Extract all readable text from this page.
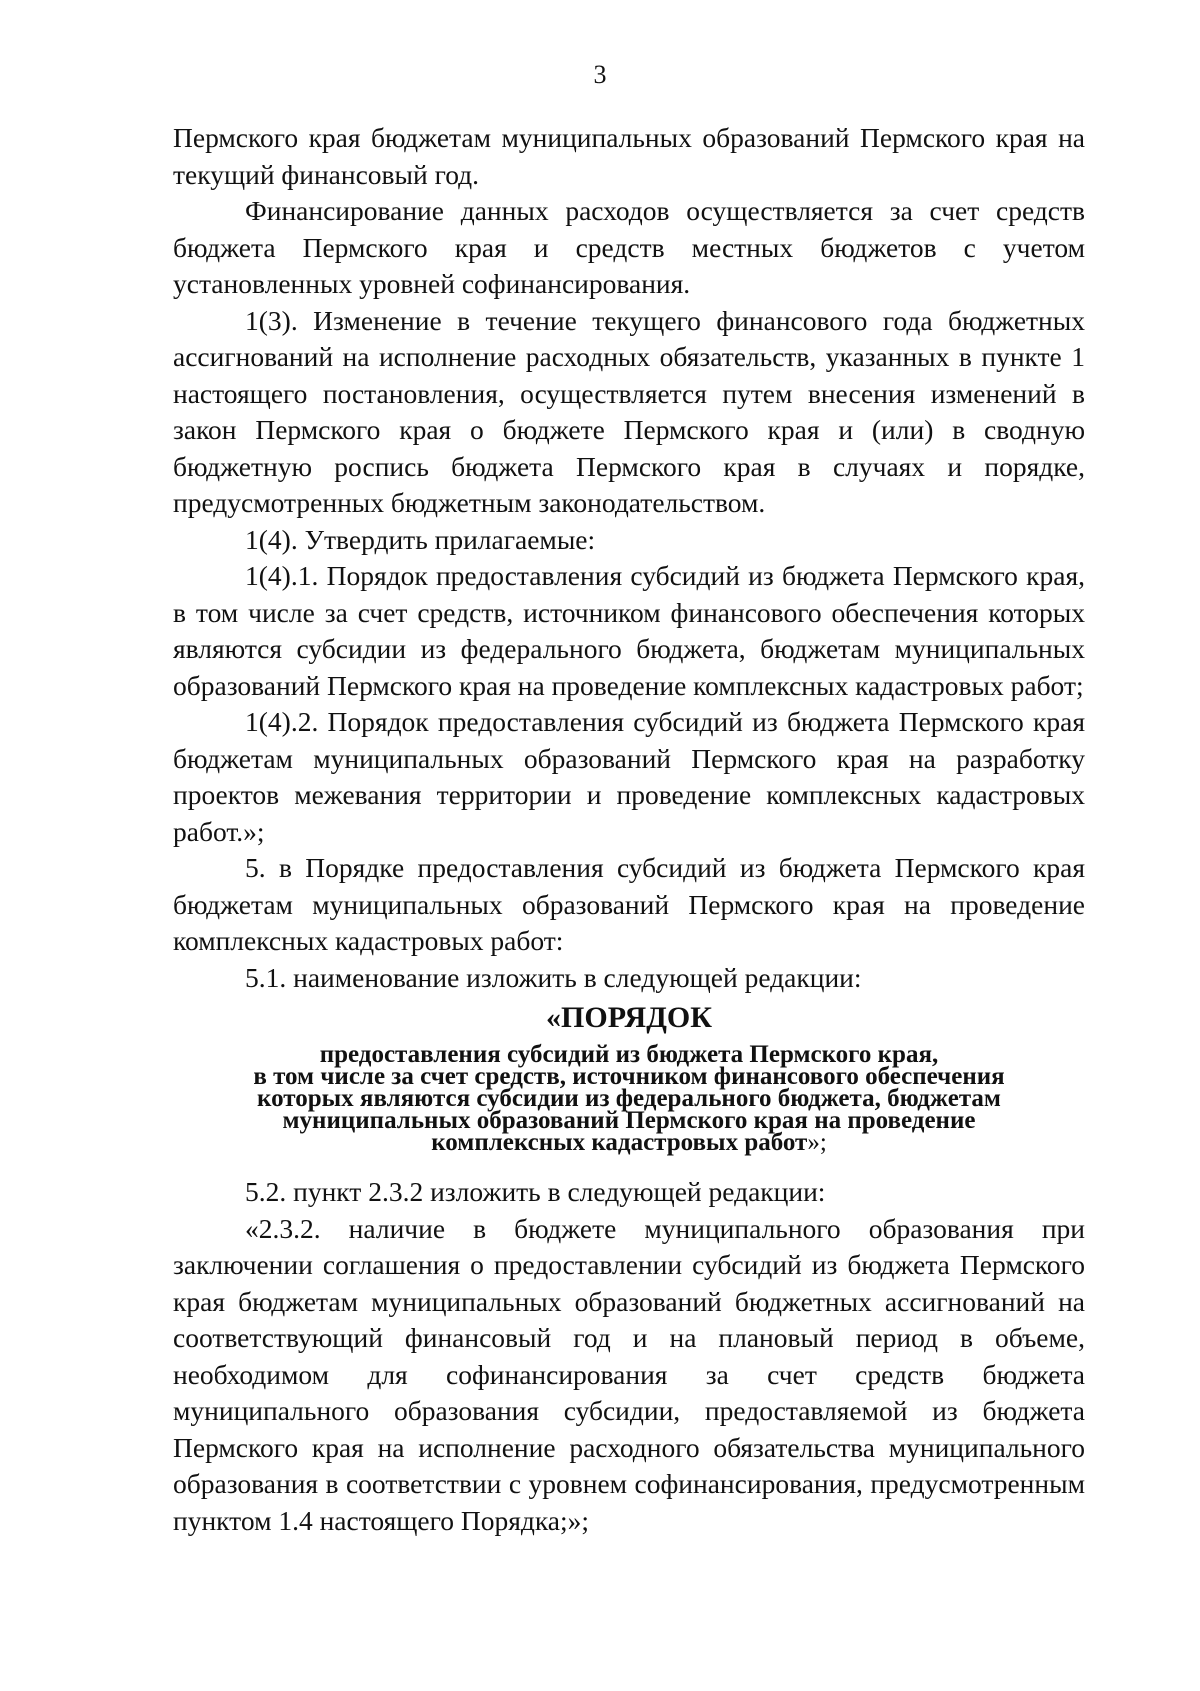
3

Пермского края бюджетам муниципальных образований Пермского края на текущий финансовый год.

Финансирование данных расходов осуществляется за счет средств бюджета Пермского края и средств местных бюджетов с учетом установленных уровней софинансирования.

1(3). Изменение в течение текущего финансового года бюджетных ассигнований на исполнение расходных обязательств, указанных в пункте 1 настоящего постановления, осуществляется путем внесения изменений в закон Пермского края о бюджете Пермского края и (или) в сводную бюджетную роспись бюджета Пермского края в случаях и порядке, предусмотренных бюджетным законодательством.

1(4). Утвердить прилагаемые:

1(4).1. Порядок предоставления субсидий из бюджета Пермского края, в том числе за счет средств, источником финансового обеспечения которых являются субсидии из федерального бюджета, бюджетам муниципальных образований Пермского края на проведение комплексных кадастровых работ;

1(4).2. Порядок предоставления субсидий из бюджета Пермского края бюджетам муниципальных образований Пермского края на разработку проектов межевания территории и проведение комплексных кадастровых работ.»;

5. в Порядке предоставления субсидий из бюджета Пермского края бюджетам муниципальных образований Пермского края на проведение комплексных кадастровых работ:

5.1. наименование изложить в следующей редакции:

«ПОРЯДОК
предоставления субсидий из бюджета Пермского края,
в том числе за счет средств, источником финансового обеспечения
которых являются субсидии из федерального бюджета, бюджетам
муниципальных образований Пермского края на проведение
комплексных кадастровых работ»;

5.2. пункт 2.3.2 изложить в следующей редакции:

«2.3.2. наличие в бюджете муниципального образования при заключении соглашения о предоставлении субсидий из бюджета Пермского края бюджетам муниципальных образований бюджетных ассигнований на соответствующий финансовый год и на плановый период в объеме, необходимом для софинансирования за счет средств бюджета муниципального образования субсидии, предоставляемой из бюджета Пермского края на исполнение расходного обязательства муниципального образования в соответствии с уровнем софинансирования, предусмотренным пунктом 1.4 настоящего Порядка;»;
